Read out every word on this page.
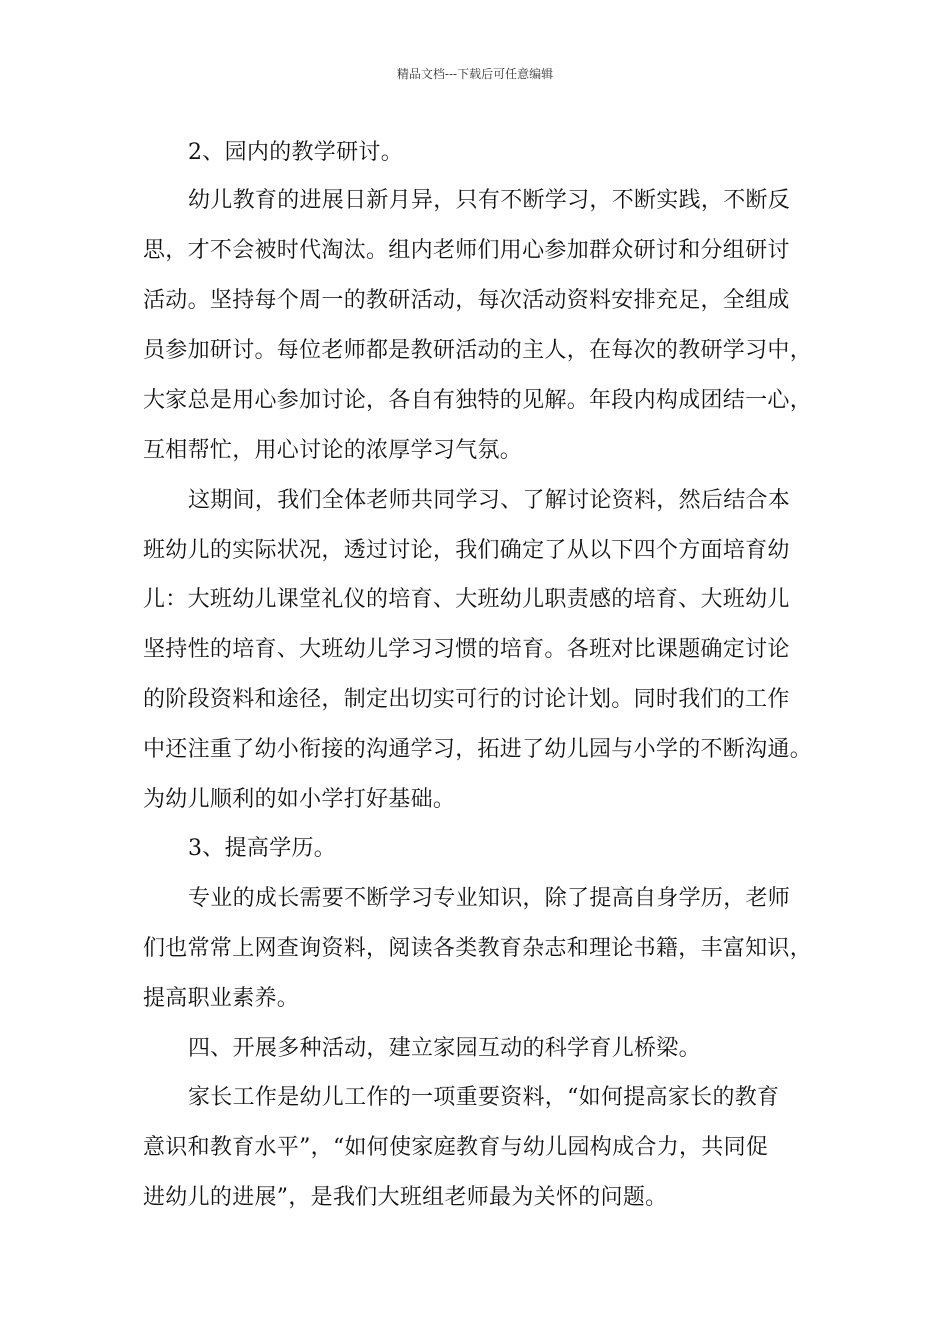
精品文档---下载后可任意编辑
2、园内的教学研讨。
幼儿教育的进展日新月异，只有不断学习，不断实践，不断反
思，才不会被时代淘汰。组内老师们用心参加群众研讨和分组研讨
活动。坚持每个周一的教研活动，每次活动资料安排充足，全组成
员参加研讨。每位老师都是教研活动的主人，在每次的教研学习中，
大家总是用心参加讨论，各自有独特的见解。年段内构成团结一心，
互相帮忙，用心讨论的浓厚学习气氛。
这期间，我们全体老师共同学习、了解讨论资料，然后结合本
班幼儿的实际状况，透过讨论，我们确定了从以下四个方面培育幼
儿：大班幼儿课堂礼仪的培育、大班幼儿职责感的培育、大班幼儿
坚持性的培育、大班幼儿学习习惯的培育。各班对比课题确定讨论
的阶段资料和途径，制定出切实可行的讨论计划。同时我们的工作
中还注重了幼小衔接的沟通学习，拓进了幼儿园与小学的不断沟通。
为幼儿顺利的如小学打好基础。
3、提高学历。
专业的成长需要不断学习专业知识，除了提高自身学历，老师
们也常常上网查询资料，阅读各类教育杂志和理论书籍，丰富知识，
提高职业素养。
四、开展多种活动，建立家园互动的科学育儿桥梁。
家长工作是幼儿工作的一项重要资料，“如何提高家长的教育
意识和教育水平”，“如何使家庭教育与幼儿园构成合力，共同促
进幼儿的进展”，是我们大班组老师最为关怀的问题。
